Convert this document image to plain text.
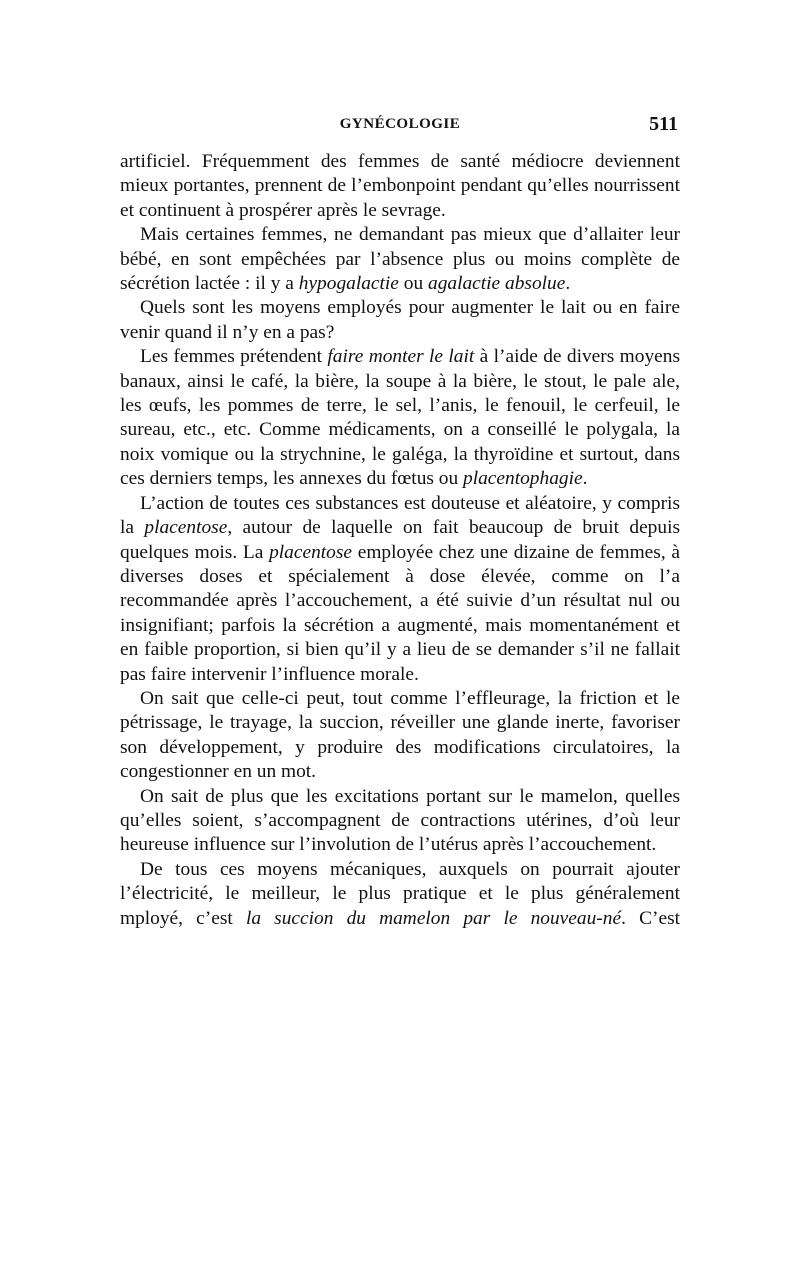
GYNÉCOLOGIE	511

artificiel. Fréquemment des femmes de santé médiocre deviennent mieux portantes, prennent de l’embonpoint pendant qu’elles nourrissent et continuent à prospérer après le sevrage.

Mais certaines femmes, ne demandant pas mieux que d’allaiter leur bébé, en sont empêchées par l’absence plus ou moins complète de sécrétion lactée : il y a hypogalactie ou agalactie absolue.

Quels sont les moyens employés pour augmenter le lait ou en faire venir quand il n’y en a pas?

Les femmes prétendent faire monter le lait à l’aide de divers moyens banaux, ainsi le café, la bière, la soupe à la bière, le stout, le pale ale, les œufs, les pommes de terre, le sel, l’anis, le fenouil, le cerfeuil, le sureau, etc., etc. Comme médicaments, on a conseillé le polygala, la noix vomique ou la strychnine, le galéga, la thyroïdine et surtout, dans ces derniers temps, les annexes du fœtus ou placentophagie.

L’action de toutes ces substances est douteuse et aléatoire, y compris la placentose, autour de laquelle on fait beaucoup de bruit depuis quelques mois. La placentose employée chez une dizaine de femmes, à diverses doses et spécialement à dose élevée, comme on l’a recommandée après l’accouchement, a été suivie d’un résultat nul ou insignifiant; parfois la sécrétion a augmenté, mais momentanément et en faible proportion, si bien qu’il y a lieu de se demander s’il ne fallait pas faire intervenir l’influence morale.

On sait que celle-ci peut, tout comme l’effleurage, la friction et le pétrissage, le trayage, la succion, réveiller une glande inerte, favoriser son développement, y produire des modifications circulatoires, la congestionner en un mot.

On sait de plus que les excitations portant sur le mamelon, quelles qu’elles soient, s’accompagnent de contractions utérines, d’où leur heureuse influence sur l’involution de l’utérus après l’accouchement.

De tous ces moyens mécaniques, auxquels on pourrait ajouter l’électricité, le meilleur, le plus pratique et le plus généralement mployé, c’est la succion du mamelon par le nouveau-né. C’est
